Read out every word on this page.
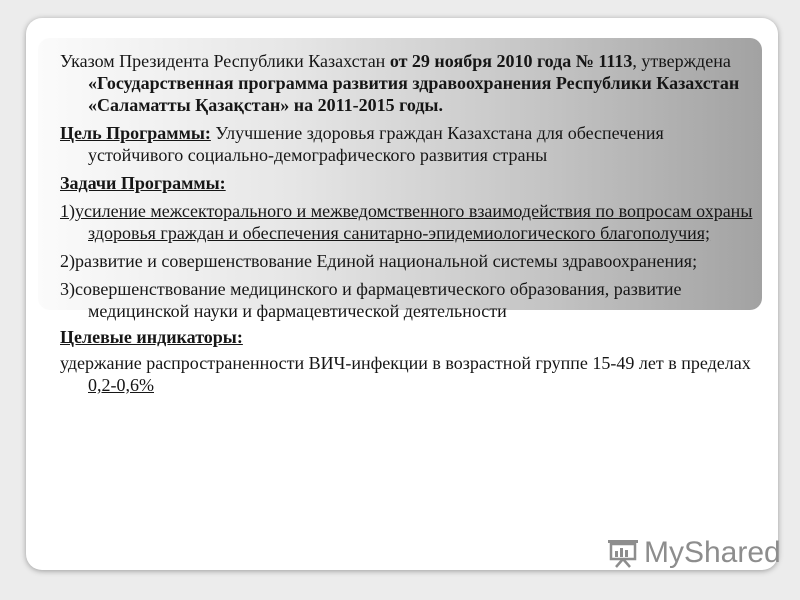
Указом Президента Республики Казахстан от 29 ноября 2010 года № 1113, утверждена «Государственная программа развития здравоохранения Республики Казахстан «Саламатты Қазақстан» на 2011-2015 годы.

Цель Программы: Улучшение здоровья граждан Казахстана для обеспечения устойчивого социально-демографического развития страны

Задачи Программы:

1)усиление межсекторального и межведомственного взаимодействия по вопросам охраны здоровья граждан и обеспечения санитарно-эпидемиологического благополучия;

2)развитие и совершенствование Единой национальной системы здравоохранения;

3)совершенствование медицинского и фармацевтического образования, развитие медицинской науки и фармацевтической деятельности

Целевые индикаторы:

удержание распространенности ВИЧ-инфекции в возрастной группе 15-49 лет в пределах 0,2-0,6%

MyShared
